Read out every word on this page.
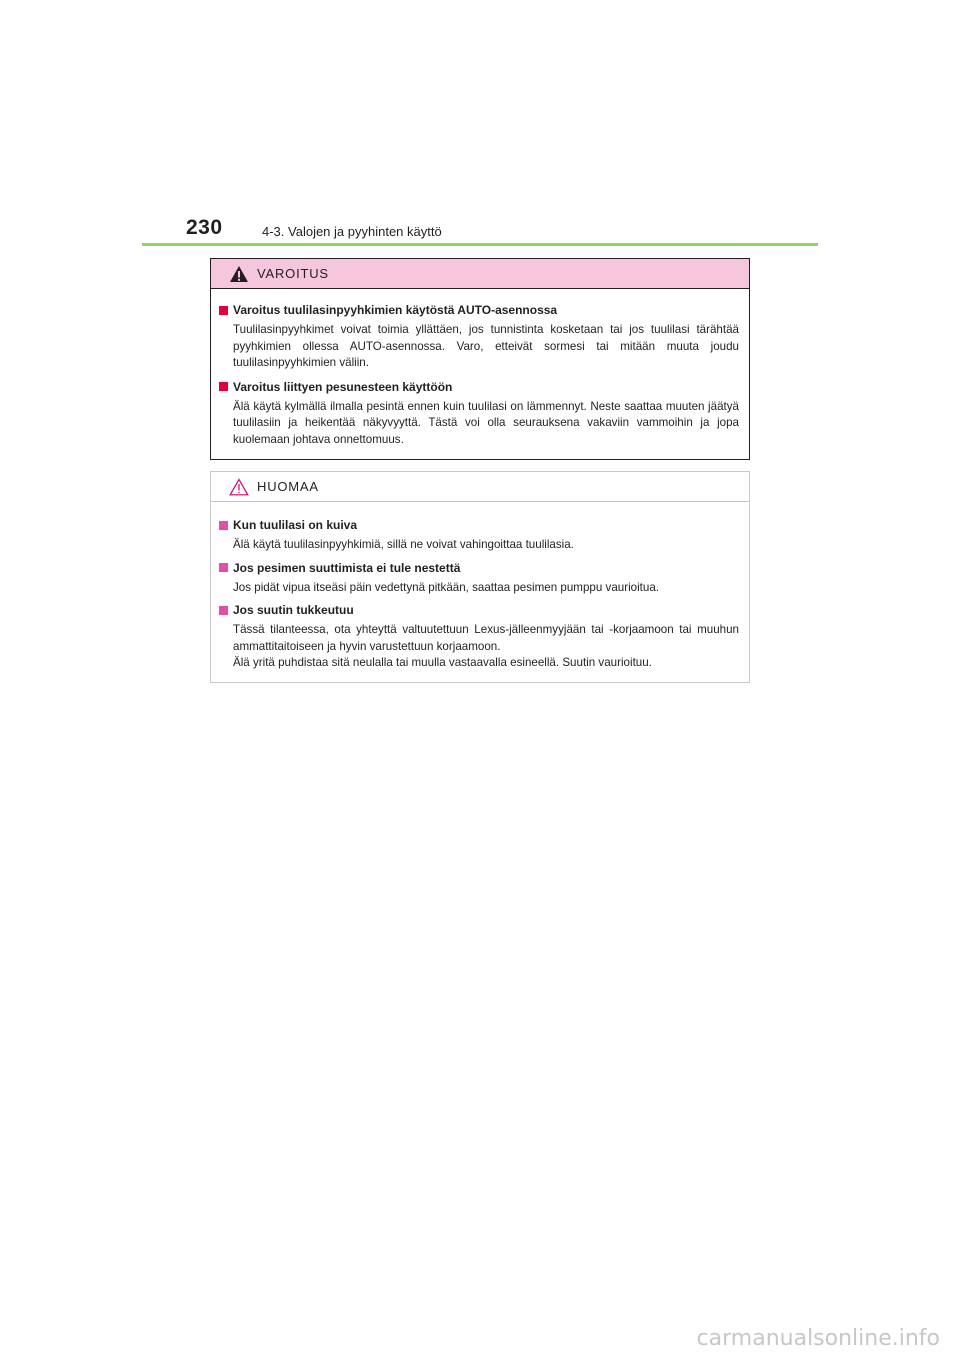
230	4-3. Valojen ja pyyhinten käyttö
VAROITUS
Varoitus tuulilasinpyyhkimien käytöstä AUTO-asennossa

Tuulilasinpyyhkimet voivat toimia yllättäen, jos tunnistinta kosketaan tai jos tuulilasi tärähtää pyyhkimien ollessa AUTO-asennossa. Varo, etteivät sormesi tai mitään muuta joudu tuulilasinpyyhkimien väliin.

Varoitus liittyen pesunesteen käyttöön

Älä käytä kylmällä ilmalla pesintä ennen kuin tuulilasi on lämmennyt. Neste saattaa muuten jäätyä tuulilasiin ja heikentää näkyvyyttä. Tästä voi olla seurauksena vakaviin vammoihin ja jopa kuolemaan johtava onnettomuus.

HUOMAA
Kun tuulilasi on kuiva

Älä käytä tuulilasinpyyhkimiä, sillä ne voivat vahingoittaa tuulilasia.

Jos pesimen suuttimista ei tule nestettä

Jos pidät vipua itseäsi päin vedettynä pitkään, saattaa pesimen pumppu vaurioitua.

Jos suutin tukkeutuu

Tässä tilanteessa, ota yhteyttä valtuutettuun Lexus-jälleenmyyjään tai -korjaamoon tai muuhun ammattitaitoiseen ja hyvin varustettuun korjaamoon.

Älä yritä puhdistaa sitä neulalla tai muulla vastaavalla esineellä. Suutin vaurioituu.

carmanualsonline.info
